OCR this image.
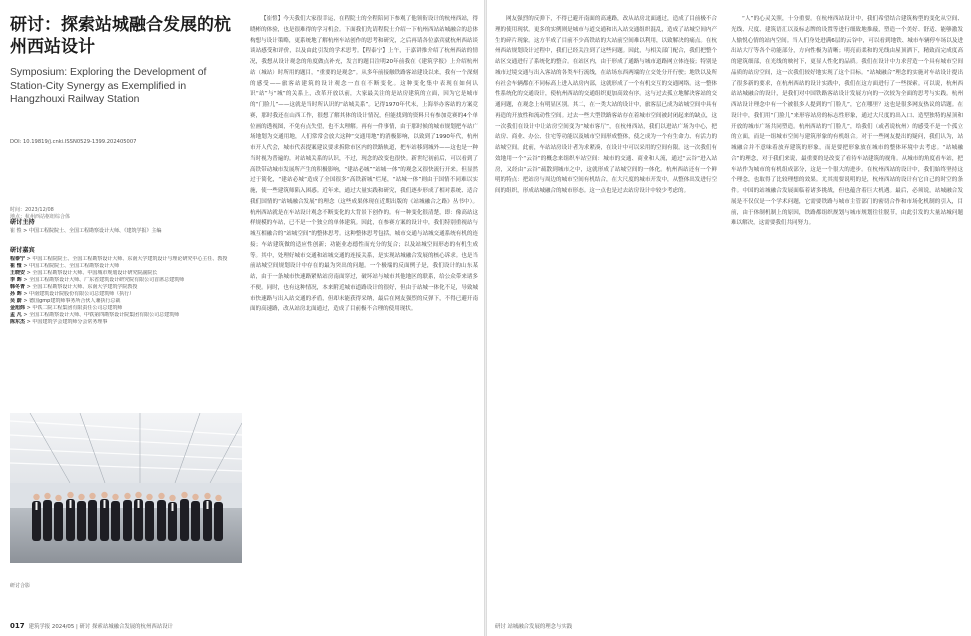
研讨：探索站城融合发展的杭州西站设计

Symposium: Exploring the Development of Station-City Synergy as Exemplified in Hangzhouxi Railway Station

DOI: 10.19819/j.cnki.ISSN0529-1399.202405007
时间：2023/12/08
地点：杭州西站枢纽综合体
研讨主持
崔 愷 > 中国工程院院士、全国工程勘察设计大师、《建筑学报》主编
研讨嘉宾
程泰宁 > 中国工程院院士、全国工程勘察设计大师、东南大学建筑设计与理论研究中心主任、教授
崔 愷 > 中国工程院院士、全国工程勘察设计大师
王晓安 > 全国工程勘察设计大师、中国城市规划设计研究院副院长
李 晖 > 全国工程勘察设计大师、广东省建筑设计研究院有限公司首席总建筑师
韩冬青 > 全国工程勘察设计大师、东南大学建筑学院教授
孙 晖 > 中南建筑设计院股份有限公司总建筑师（执行）
吴 蔚 > 德国gmp建筑师事务所合伙人兼执行总裁
金旭炜 > 中铁二院工程集团有限责任公司总建筑师
孟 凡 > 全国工程勘察设计大师、中铁第四勘察设计院集团有限公司总建筑师
陈东杰 > 中国建筑学会建筑师分会常务理事
研讨合影

【崔愷】今天我们大家很幸运，在程院士的全程陪同下参观了他领衔设计的杭州西站，得晓彬的体验，也是很难得的学习机会。下面我们先请程院士介绍一下杭州西站站城融合的总体构想与设计策略，更系统地了解杭州车站创作的思考和研究，之后再请各位嘉宾就杭州西站谈谈站感受和评价，以及由此引发的学术思考。【程泰宁】上午，于嘉讲推介绍了杭州西站的情况，我想从设计观念的角度做点补充，发言的题目注明20年前我在《建筑学报》上介绍杭州站（城站）时所用的题目，“重要的是观念”。从多年前接触铁路客站建设以来，我有一个深刻的感受——旅客站建筑的设计观念一直在不断变化。这种变化集中表现在如何认识“站”与“城”的关系上，改革开放以前，大家最关注的是站房建筑的立面，因为它是城市的“门脸儿”——这就是当时所认识的“站城关系”。记得1970年代末，上海举办客站的方案竞赛，那时我还在山西工作，很想了解其体的设计情况，但能找到的资料只有参加竞赛的4个单位画的透视图，不免有点失望，也不太理解。再有一件事情，由于那时候的城市规划把车站广场地划为交通用地，人们常常会放大这种“交通用地”的消极影响，以致到了1990年代，杭州市开人代会，城市代表提案建议要求拆除市区内的铁路轨道，把车站移到城外——这也是一种当时视为普遍的。对站城关系的认识，不过，现念的改变也很快。新世纪初前后，可以看到了高铁带动城市发展所产生的积极影响，“建站必城”“站城一体”的观念又很快流行开来。但显然过于简化，“建站必城”造成了全国很多“高铁新城”烂尾，“站城一体”则由于国情不同难以实施，使一些建筑师陷入困惑。近年来，通过大量实践和研究，我们逐步形成了相对系统、适合我们国情的“站城融合发展”的理念（这些成果体现在近期出版的《站城融合之路》丛书中）。杭州西站就是在车站设计观念不断变化的大背景下创作的。有一种变化很清楚，即：像高站这样规模的车站，已不是一个独立的单体建筑。因此，在参赛方案的设计中，我们特别重视站与城互相融合的“站城空间”的整体思考。这种整体思考包括，城市交通与站城交通系统有机的连接；车站建筑做的适应性创新；功能业态德性而充分的复合；以及站城空间形态的有机生成等。其中，处理好城市交通和站城交通的连接关系，是实现站城融合发展的核心诉求。也是当前站城空间规划设计中存在的最为突出的问题。一个极端的反面例子是，我们设计的山东某站，由于一条城市快速路紧贴站房南面穿过，破坏站与城市其他地区的联系，给公众带来诸多不便。同时，也有这种情况，本来附近城市道路设计的很好，但由于站城一体化不足，导致城市快速路与出入站交通的矛盾，但却未能获得采纳，最后在网友强烈的反弹下，不得已避开南面的高速路，改从站房北面通过，造成了目前极不合理的使用现状。

017 建筑学报 2024/05 | 研讨 探索站城融合发展的杭州西站设计

网友强烈的反弹下，不得已避开南面的高速路，改从站房北面通过，造成了目前极不合理的使用现状。更多的实例则是城市与道交通和出入站交通组织混乱，造成了站城空间内产生的碎片现象。这方半成了目前不少高铁站的大站前空间难以利用，以致解决的痛点。在杭州西站规划设计过程中，我们已经关注到了这些问题。因此，与相关部门配合，我们把整个站区交通进行了系统化的整合。在站区内，由于形成了通路与城市道路网立体连接；特别是城市过境交通与出入客站的各类车行流线，在站场东西两端的立交处分开行驶；地铁以及所有社会车辆都在不同标高上进入站房内部，这就形成了一个有机交互的交通网络。这一整体性系统化的交通设计，使杭州西站的交通组织更加高效有序。这与过去孤立地解决客站的交通问题，在观念上有明显区别。其二，在一类大站的设计中，旅客层已成为站城空间中具有再造的开放性和流动性空间。过去一些大型铁路客站存在着城市空间被封闭起来的缺点，这一次我们在设计中让站房空间变为“城市客厅”，在杭州西站，我们以进站广场为中心，把站房、商业、办公、住宅等功能以及城市空间形成整体，使之成为一个有生命力、有活力的站城空间。此前，车站站房设计者为求紧凑，在设计中可以采用的空间有限。这一次我们有效地用一个“云谷”的概念来组织车站空间：城市的交通、商业和人流，通过“云谷”进入站房，又经由“云谷”疏散到城市之中，这就形成了站城空间的一体化。杭州西站还有一个鲜明的特点：把站房与周边的城市空间有机结合，在大尺度的城市开发中，从整体出发进行空间的组织，形成站城融合的城市形态。这一点也是过去站房设计中较少考虑的。

“人”的心灵关照，十分重要。在杭州西站设计中，我们希望结合建筑构型的变化从空间、光线、尺度、建筑语汇以及标志牌的设置等进行细致地推敲，塑造一个美好、舒适、能够激发人愉悦心情的站内空间。当人们身处进满6层的云谷中，可以看到地铁、城市车辆停车场以及进出站大厅等各个功能部分，方向性极为清晰；明亮而柔和的光线由屋顶洒下，精致而完成度高的建筑细部，在光线的映衬下，更显人性化的品质。我们在设计中力求营造一个具有城市空间品质的站房空间，这一次我们较好地实现了这个目标。“站城融合”理念的实施对车站设计提出了很多新的要求，在杭州西站的设计实践中，我们在这方面进行了一些探索。可以说，杭州西站站城融合的设计，是我们对中国铁路客站设计发展方向的一次较为全面的思考与实践。杭州西站设计理念中有一个被很多人提到的“门脸儿”，它在哪里？这也是很多网友热议的话题。在设计中，我们用“门脸儿”来形容站房的标志性形象，通过大尺度的出入口、造型独特的屋顶和开放的城市广场共同塑造。杭州西站的“门脸儿”，给我们（或者说杭州）的感受不是一个孤立的立面，而是一组城市空间与建筑形象的有机组合。对于一些网友提出的疑问，我们认为，站城融合并不意味着放弃建筑的形象，而是要把形象放在城市的整体环境中去考虑。“站城融合”的理念，对于我们来说，最重要的是改变了看待车站建筑的视角。从城市的角度看车站，把车站作为城市的有机组成部分，这是一个很大的进步。在杭州西站的设计中，我们始终坚持这个理念，也取得了比较理想的效果。尤其需要说明的是，杭州西站的设计有它自己的时空的条件。中国的站城融合发展面临着诸多挑战，但也蕴含着巨大机遇。最后，必须说，站城融合发展是不仅仅是一个学术问题，它需要铁路与城市主管部门的密切合作和市场化机制的引入，目前，由于体制机制上的原因，铁路都组织规划与城市规划往往脱节，由此引发的大量站城问题难以解决，这需要我们共同努力。

研讨 站城融合发展的理念与实践
